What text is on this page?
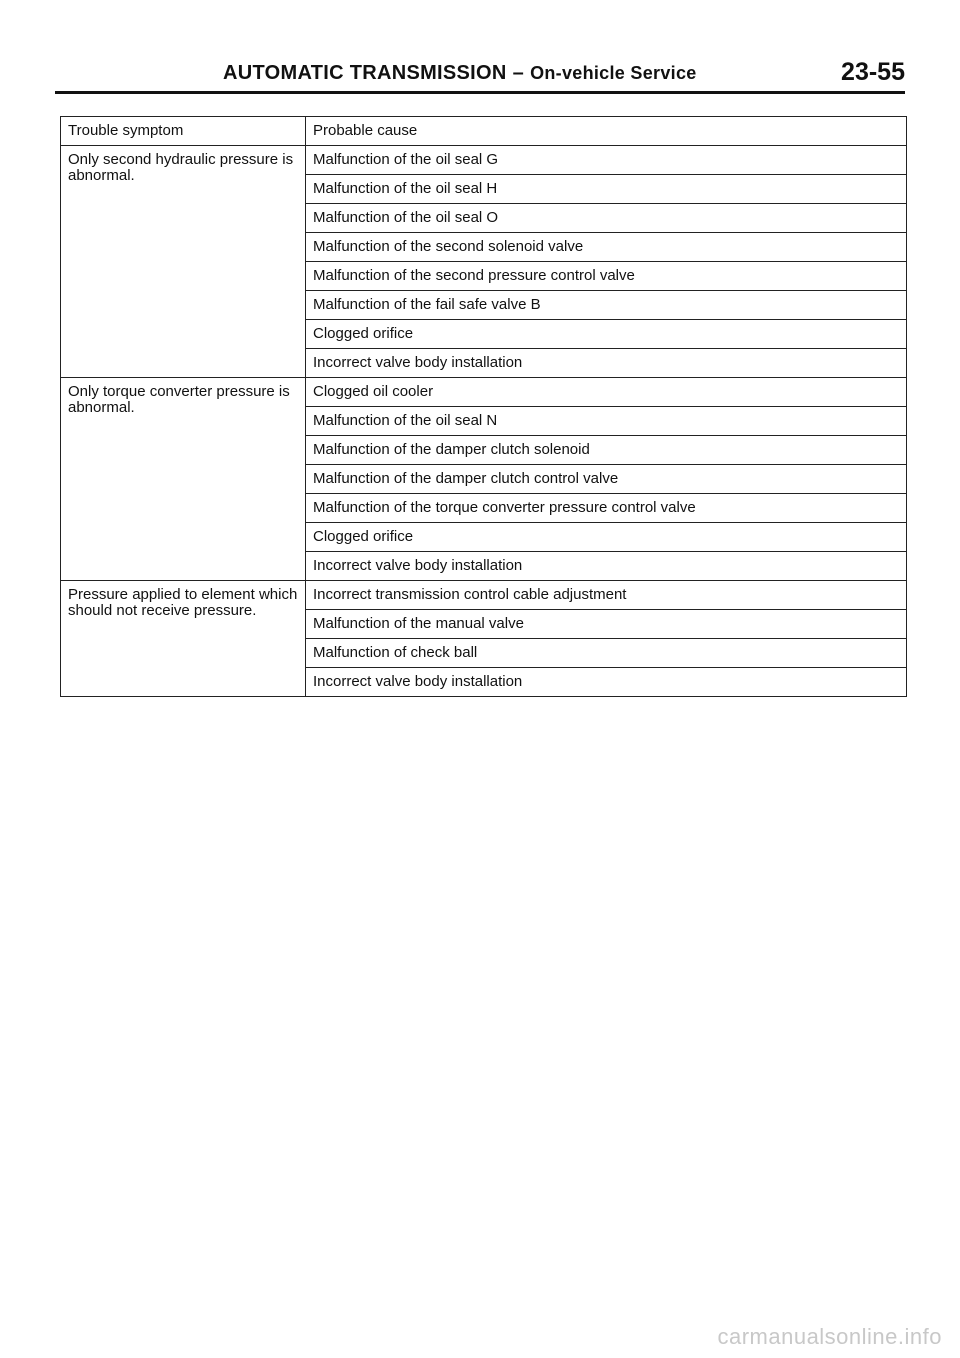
AUTOMATIC TRANSMISSION – On-vehicle Service	23-55
Trouble symptom	Probable cause
Only second hydraulic pressure is abnormal.	Malfunction of the oil seal G
	Malfunction of the oil seal H
	Malfunction of the oil seal O
	Malfunction of the second solenoid valve
	Malfunction of the second pressure control valve
	Malfunction of the fail safe valve B
	Clogged orifice
	Incorrect valve body installation
Only torque converter pressure is abnormal.	Clogged oil cooler
	Malfunction of the oil seal N
	Malfunction of the damper clutch solenoid
	Malfunction of the damper clutch control valve
	Malfunction of the torque converter pressure control valve
	Clogged orifice
	Incorrect valve body installation
Pressure applied to element which should not receive pressure.	Incorrect transmission control cable adjustment
	Malfunction of the manual valve
	Malfunction of check ball
	Incorrect valve body installation
carmanualsonline.info
